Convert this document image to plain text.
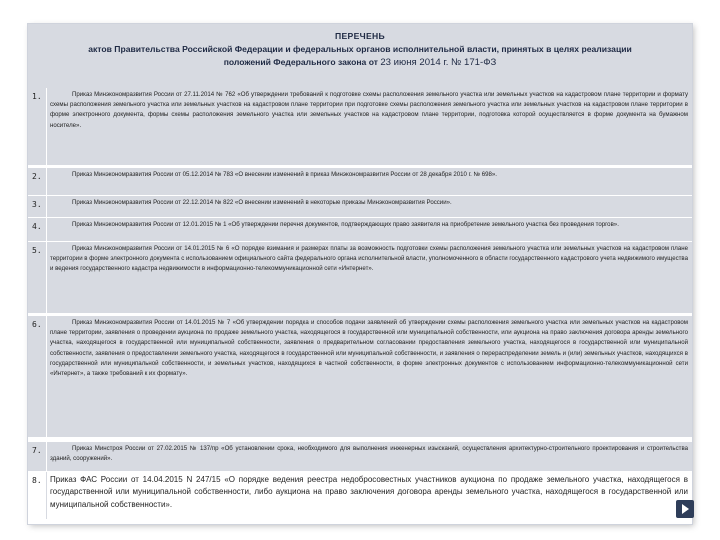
ПЕРЕЧЕНЬ
актов Правительства Российской Федерации и федеральных органов исполнительной власти, принятых в целях реализации
положений Федерального закона от 23 июня 2014 г. № 171-ФЗ
1.	Приказ Минэкономразвития России от 27.11.2014 № 762 «Об утверждении требований к подготовке схемы расположения земельного участка или земельных участков на кадастровом плане территории и формату схемы расположения земельного участка или земельных участков на кадастровом плане территории при подготовке схемы расположения земельного участка или земельных участков на кадастровом плане территории в форме электронного документа, формы схемы расположения земельного участка или земельных участков на кадастровом плане территории, подготовка которой осуществляется в форме документа на бумажном носителе».
2.	Приказ Минэкономразвития России от 05.12.2014 № 783 «О внесении изменений в приказ Минэкономразвития России от 28 декабря 2010 г. № 698».
3.	Приказ Минэкономразвития России от 22.12.2014 № 822 «О внесении изменений в некоторые приказы Минэкономразвития России».
4.	Приказ Минэкономразвития России от 12.01.2015 № 1 «Об утверждении перечня документов, подтверждающих право заявителя на приобретение земельного участка без проведения торгов».
5.	Приказ Минэкономразвития России от 14.01.2015 № 6 «О порядке взимания и размерах платы за возможность подготовки схемы расположения земельного участка или земельных участков на кадастровом плане территории в форме электронного документа с использованием официального сайта федерального органа исполнительной власти, уполномоченного в области государственного кадастрового учета недвижимого имущества и ведения государственного кадастра недвижимости в информационно-телекоммуникационной сети «Интернет».
6.	Приказ Минэкономразвития России от 14.01.2015 № 7 «Об утверждении порядка и способов подачи заявлений об утверждении схемы расположения земельного участка или земельных участков на кадастровом плане территории, заявления о проведении аукциона по продаже земельного участка, находящегося в государственной или муниципальной собственности, или аукциона на право заключения договора аренды земельного участка, находящегося в государственной или муниципальной собственности, заявления о предварительном согласовании предоставления земельного участка, находящегося в государственной или муниципальной собственности, заявления о предоставлении земельного участка, находящегося в государственной или муниципальной собственности, и заявления о перераспределении земель и (или) земельных участков, находящихся в государственной или муниципальной собственности, и земельных участков, находящихся в частной собственности, в форме электронных документов с использованием информационно-телекоммуникационной сети «Интернет», а также требований к их формату».
7.	Приказ Минстроя России от 27.02.2015 № 137/пр «Об установлении срока, необходимого для выполнения инженерных изысканий, осуществления архитектурно-строительного проектирования и строительства зданий, сооружений».
8. Приказ ФАС России от 14.04.2015 N 247/15 «О порядке ведения реестра недобросовестных участников аукциона по продаже земельного участка, находящегося в государственной или муниципальной собственности, либо аукциона на право заключения договора аренды земельного участка, находящегося в государственной или муниципальной собственности».
